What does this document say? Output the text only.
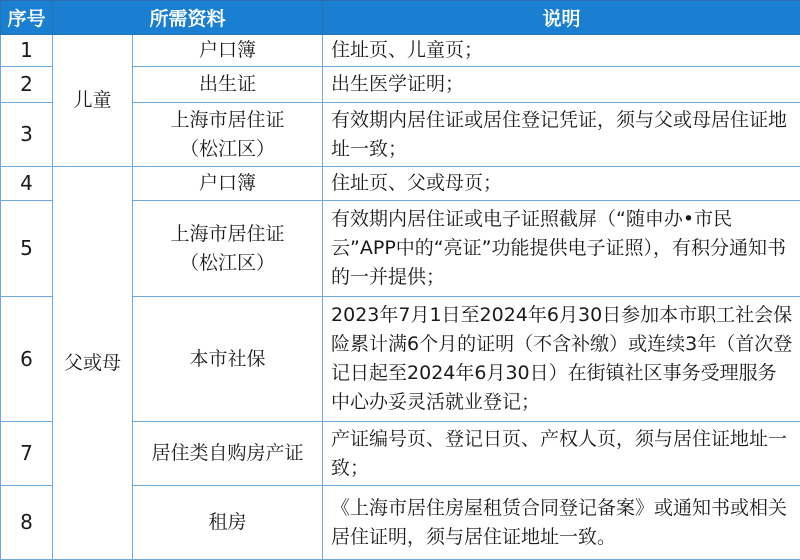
序号	所需资料		说明
1	儿童	户口簿	住址页、儿童页；
2		出生证	出生医学证明；
3		上海市居住证
（松江区）	有效期内居住证或居住登记凭证，须与父或母居住证地址一致；
4	父或母	户口簿	住址页、父或母页；
5		上海市居住证
（松江区）	有效期内居住证或电子证照截屏（“随申办•市民云”APP中的“亮证”功能提供电子证照），有积分通知书的一并提供；
6		本市社保	2023年7月1日至2024年6月30日参加本市职工社会保险累计满6个月的证明（不含补缴）或连续3年（首次登记日起至2024年6月30日）在街镇社区事务受理服务中心办妥灵活就业登记；
7		居住类自购房产证	产证编号页、登记日页、产权人页，须与居住证地址一致；
8		租房	《上海市居住房屋租赁合同登记备案》或通知书或相关居住证明，须与居住证地址一致。
